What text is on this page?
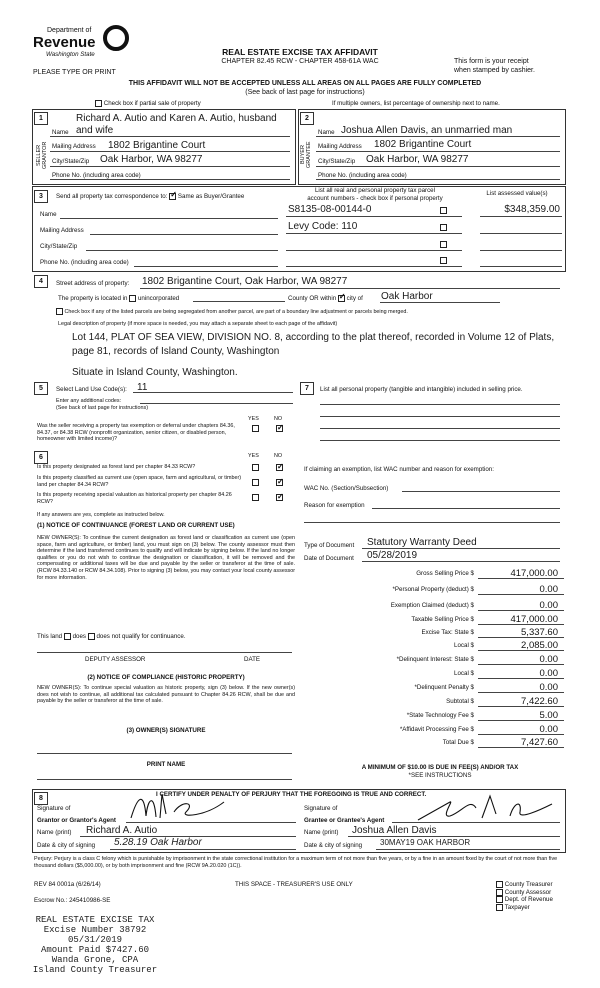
Department of
Revenue
Washington State
PLEASE TYPE OR PRINT
REAL ESTATE EXCISE TAX AFFIDAVIT
CHAPTER 82.45 RCW - CHAPTER 458-61A WAC	This form is your receipt
when stamped by cashier.
THIS AFFIDAVIT WILL NOT BE ACCEPTED UNLESS ALL AREAS ON ALL PAGES ARE FULLY COMPLETED
(See back of last page for instructions)
Check box if partial sale of property	If multiple owners, list percentage of ownership next to name.
1	2
SELLER GRANTOR	BUYER GRANTEE
Richard A. Autio and Karen A. Autio, husband
Name and wife
Mailing Address 1802 Brigantine Court
City/State/Zip Oak Harbor, WA 98277
Phone No. (including area code)
Name Joshua Allen Davis, an unmarried man
Mailing Address 1802 Brigantine Court
City/State/Zip Oak Harbor, WA 98277
Phone No. (including area code)
3	Send all property tax correspondence to: ✓ Same as Buyer/Grantee
Name
Mailing Address
City/State/Zip
Phone No. (including area code)
List all real and personal property tax parcel
account numbers - check box if personal property
List assessed value(s)
S8135-08-00144-0	$348,359.00
Levy Code: 110
4	Street address of property: 1802 Brigantine Court, Oak Harbor, WA 98277
The property is located in unincorporated	County OR within ✓ city of Oak Harbor
Check box if any of the listed parcels are being segregated from another parcel, are part of a boundary line adjustment or parcels being merged.
Legal description of property (if more space is needed, you may attach a separate sheet to each page of the affidavit)
Lot 144, PLAT OF SEA VIEW, DIVISION NO. 8, according to the plat thereof, recorded in Volume 12 of Plats,
page 81, records of Island County, Washington
Situate in Island County, Washington.
5	Select Land Use Code(s): 11
Enter any additional codes:
(See back of last page for instructions)
YES	NO
Was the seller receiving a property tax exemption or deferral under chapters 84.36, 84.37, or 84.38 RCW (nonprofit organization, senior citizen, or disabled person, homeowner with limited income)?
✓
6	YES	NO
Is this property designated as forest land per chapter 84.33 RCW?
✓
Is this property classified as current use (open space, farm and agricultural, or timber) land per chapter 84.34 RCW?
✓
Is this property receiving special valuation as historical property per chapter 84.26 RCW?
✓
If any answers are yes, complete as instructed below.
(1) NOTICE OF CONTINUANCE (FOREST LAND OR CURRENT USE)
NEW OWNER(S): To continue the current designation as forest land or classification as current use (open space, farm and agriculture, or timber) land, you must sign on (3) below. The county assessor must then determine if the land transferred continues to qualify and will indicate by signing below. If the land no longer qualifies or you do not wish to continue the designation or classification, it will be removed and the compensating or additional taxes will be due and payable by the seller or transferor at the time of sale. (RCW 84.33.140 or RCW 84.34.108). Prior to signing (3) below, you may contact your local county assessor for more information.
This land does does not qualify for continuance.
DEPUTY ASSESSOR	DATE
(2) NOTICE OF COMPLIANCE (HISTORIC PROPERTY)
NEW OWNER(S): To continue special valuation as historic property, sign (3) below. If the new owner(s) does not wish to continue, all additional tax calculated pursuant to Chapter 84.26 RCW, shall be due and payable by the seller or transferor at the time of sale.
(3) OWNER(S) SIGNATURE
PRINT NAME
7	List all personal property (tangible and intangible) included in selling price.
If claiming an exemption, list WAC number and reason for exemption:
WAC No. (Section/Subsection)
Reason for exemption
Type of Document Statutory Warranty Deed
Date of Document 05/28/2019
Gross Selling Price $	417,000.00
*Personal Property (deduct) $	0.00
Exemption Claimed (deduct) $	0.00
Taxable Selling Price $	417,000.00
Excise Tax: State $	5,337.60
Local $	2,085.00
*Delinquent Interest: State $	0.00
Local $	0.00
*Delinquent Penalty $	0.00
Subtotal $	7,422.60
*State Technology Fee $	5.00
*Affidavit Processing Fee $	0.00
Total Due $	7,427.60
A MINIMUM OF $10.00 IS DUE IN FEE(S) AND/OR TAX
*SEE INSTRUCTIONS
8
I CERTIFY UNDER PENALTY OF PERJURY THAT THE FOREGOING IS TRUE AND CORRECT.
Signature of
Grantor or Grantor's Agent
Name (print) Richard A. Autio
Date & city of signing 5.28.19 Oak Harbor
Signature of
Grantee or Grantee's Agent
Name (print) Joshua Allen Davis
Date & city of signing 30MAY19 OAK HARBOR
Perjury: Perjury is a class C felony which is punishable by imprisonment in the state correctional institution for a maximum term of not more than five years, or by a fine in an amount fixed by the court of not more than five thousand dollars ($5,000.00), or by both imprisonment and fine (RCW 9A.20.020 (1C)).
REV 84 0001a (6/26/14)	THIS SPACE - TREASURER'S USE ONLY
Escrow No.: 245410986-SE
County Treasurer
County Assessor
Dept. of Revenue
Taxpayer
REAL ESTATE EXCISE TAX
Excise Number 38792
05/31/2019
Amount Paid $7427.60
Wanda Grone, CPA
Island County Treasurer
